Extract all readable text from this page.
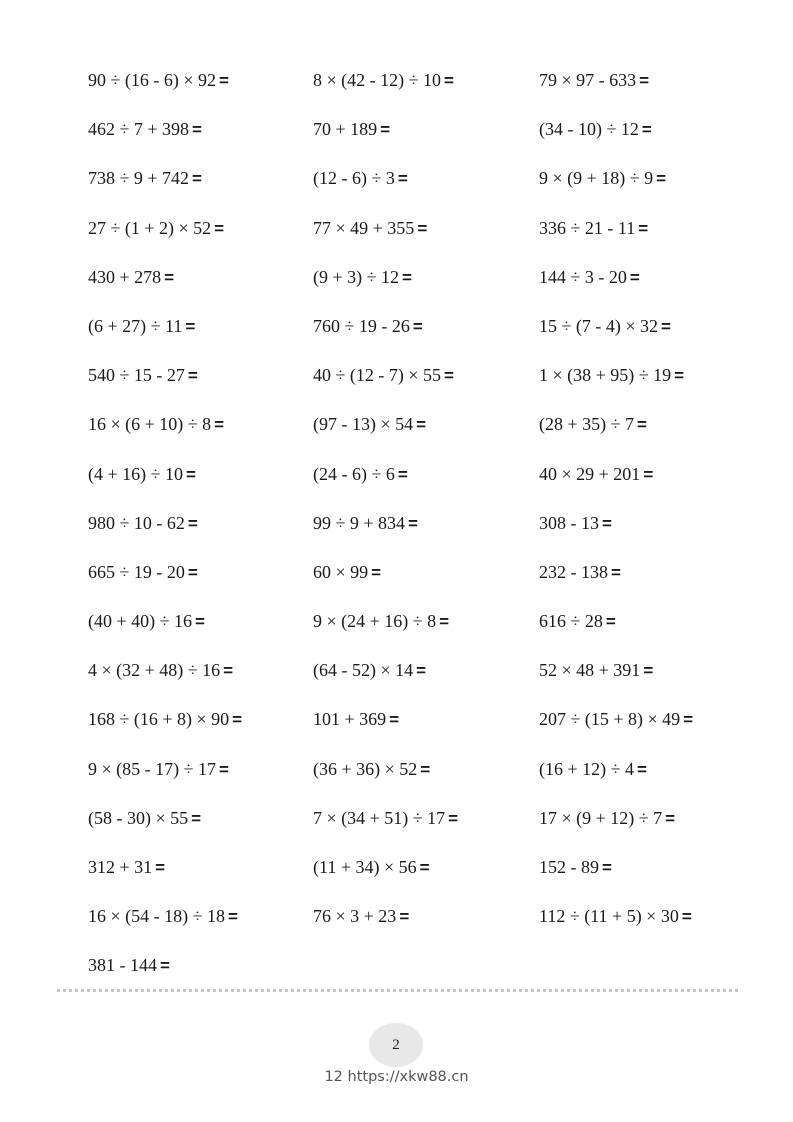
90 ÷ (16 - 6) × 92 =	8 × (42 - 12) ÷ 10 =	79 × 97 - 633 =
462 ÷ 7 + 398 =	70 + 189 =	(34 - 10) ÷ 12 =
738 ÷ 9 + 742 =	(12 - 6) ÷ 3 =	9 × (9 + 18) ÷ 9 =
27 ÷ (1 + 2) × 52 =	77 × 49 + 355 =	336 ÷ 21 - 11 =
430 + 278 =	(9 + 3) ÷ 12 =	144 ÷ 3 - 20 =
(6 + 27) ÷ 11 =	760 ÷ 19 - 26 =	15 ÷ (7 - 4) × 32 =
540 ÷ 15 - 27 =	40 ÷ (12 - 7) × 55 =	1 × (38 + 95) ÷ 19 =
16 × (6 + 10) ÷ 8 =	(97 - 13) × 54 =	(28 + 35) ÷ 7 =
(4 + 16) ÷ 10 =	(24 - 6) ÷ 6 =	40 × 29 + 201 =
980 ÷ 10 - 62 =	99 ÷ 9 + 834 =	308 - 13 =
665 ÷ 19 - 20 =	60 × 99 =	232 - 138 =
(40 + 40) ÷ 16 =	9 × (24 + 16) ÷ 8 =	616 ÷ 28 =
4 × (32 + 48) ÷ 16 =	(64 - 52) × 14 =	52 × 48 + 391 =
168 ÷ (16 + 8) × 90 =	101 + 369 =	207 ÷ (15 + 8) × 49 =
9 × (85 - 17) ÷ 17 =	(36 + 36) × 52 =	(16 + 12) ÷ 4 =
(58 - 30) × 55 =	7 × (34 + 51) ÷ 17 =	17 × (9 + 12) ÷ 7 =
312 + 31 =	(11 + 34) × 56 =	152 - 89 =
16 × (54 - 18) ÷ 18 =	76 × 3 + 23 =	112 ÷ (11 + 5) × 30 =
381 - 144 =
2
12 https://xkw88.cn
